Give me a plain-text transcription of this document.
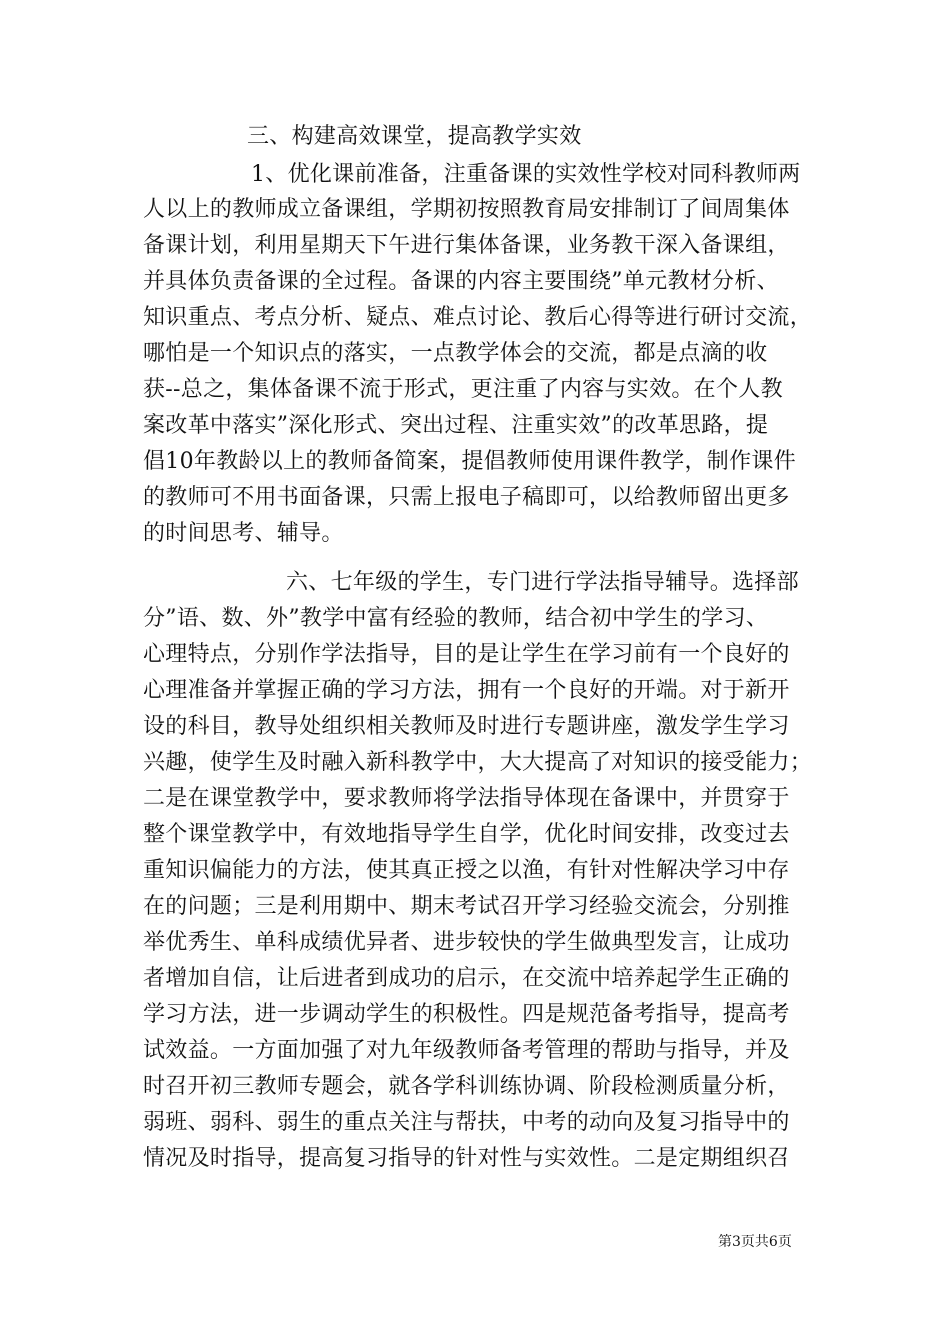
三、构建高效课堂，提高教学实效
1、优化课前准备，注重备课的实效性学校对同科教师两
人以上的教师成立备课组，学期初按照教育局安排制订了间周集体
备课计划，利用星期天下午进行集体备课，业务教干深入备课组，
并具体负责备课的全过程。备课的内容主要围绕”单元教材分析、
知识重点、考点分析、疑点、难点讨论、教后心得等进行研讨交流，
哪怕是一个知识点的落实，一点教学体会的交流，都是点滴的收
获--总之，集体备课不流于形式，更注重了内容与实效。在个人教
案改革中落实”深化形式、突出过程、注重实效”的改革思路，提
倡10年教龄以上的教师备简案，提倡教师使用课件教学，制作课件
的教师可不用书面备课，只需上报电子稿即可，以给教师留出更多
的时间思考、辅导。
六、七年级的学生，专门进行学法指导辅导。选择部
分”语、数、外”教学中富有经验的教师，结合初中学生的学习、
心理特点，分别作学法指导，目的是让学生在学习前有一个良好的
心理准备并掌握正确的学习方法，拥有一个良好的开端。对于新开
设的科目，教导处组织相关教师及时进行专题讲座，激发学生学习
兴趣，使学生及时融入新科教学中，大大提高了对知识的接受能力；
二是在课堂教学中，要求教师将学法指导体现在备课中，并贯穿于
整个课堂教学中，有效地指导学生自学，优化时间安排，改变过去
重知识偏能力的方法，使其真正授之以渔，有针对性解决学习中存
在的问题；三是利用期中、期末考试召开学习经验交流会，分别推
举优秀生、单科成绩优异者、进步较快的学生做典型发言，让成功
者增加自信，让后进者到成功的启示，在交流中培养起学生正确的
学习方法，进一步调动学生的积极性。四是规范备考指导，提高考
试效益。一方面加强了对九年级教师备考管理的帮助与指导，并及
时召开初三教师专题会，就各学科训练协调、阶段检测质量分析，
弱班、弱科、弱生的重点关注与帮扶，中考的动向及复习指导中的
情况及时指导，提高复习指导的针对性与实效性。二是定期组织召
第3页共6页
